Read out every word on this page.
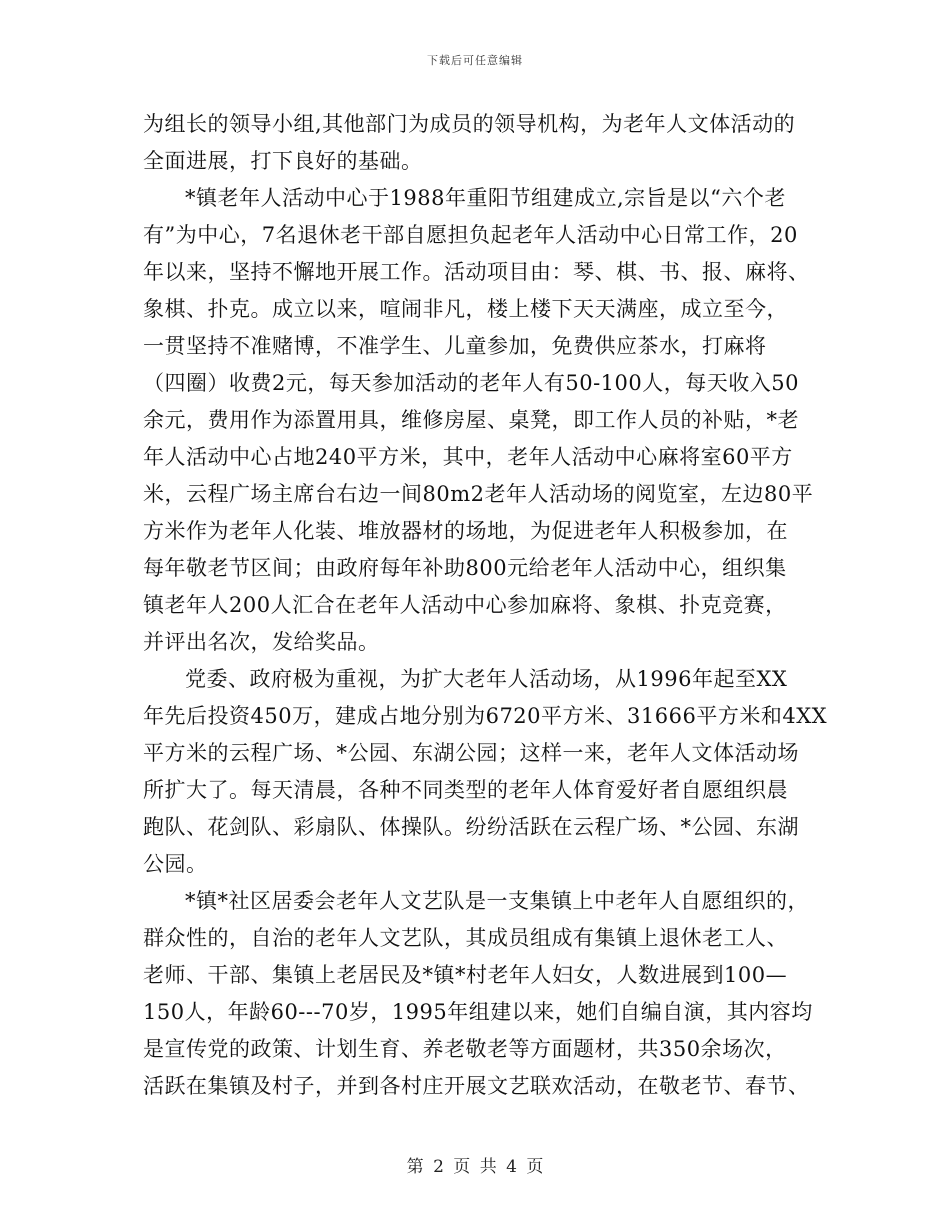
下载后可任意编辑
为组长的领导小组,其他部门为成员的领导机构，为老年人文体活动的
全面进展，打下良好的基础。
*镇老年人活动中心于1988年重阳节组建成立,宗旨是以“六个老
有”为中心，7名退休老干部自愿担负起老年人活动中心日常工作，20
年以来，坚持不懈地开展工作。活动项目由：琴、棋、书、报、麻将、
象棋、扑克。成立以来，喧闹非凡，楼上楼下天天满座，成立至今，
一贯坚持不准赌博，不准学生、儿童参加，免费供应茶水，打麻将
（四圈）收费2元，每天参加活动的老年人有50-100人，每天收入50
余元，费用作为添置用具，维修房屋、桌凳，即工作人员的补贴，*老
年人活动中心占地240平方米，其中，老年人活动中心麻将室60平方
米，云程广场主席台右边一间80m2老年人活动场的阅览室，左边80平
方米作为老年人化装、堆放器材的场地，为促进老年人积极参加，在
每年敬老节区间；由政府每年补助800元给老年人活动中心，组织集
镇老年人200人汇合在老年人活动中心参加麻将、象棋、扑克竞赛，
并评出名次，发给奖品。
党委、政府极为重视，为扩大老年人活动场，从1996年起至XX
年先后投资450万，建成占地分别为6720平方米、31666平方米和4XX
平方米的云程广场、*公园、东湖公园；这样一来，老年人文体活动场
所扩大了。每天清晨，各种不同类型的老年人体育爱好者自愿组织晨
跑队、花剑队、彩扇队、体操队。纷纷活跃在云程广场、*公园、东湖
公园。
*镇*社区居委会老年人文艺队是一支集镇上中老年人自愿组织的，
群众性的，自治的老年人文艺队，其成员组成有集镇上退休老工人、
老师、干部、集镇上老居民及*镇*村老年人妇女，人数进展到100—
150人，年龄60---70岁，1995年组建以来，她们自编自演，其内容均
是宣传党的政策、计划生育、养老敬老等方面题材，共350余场次，
活跃在集镇及村子，并到各村庄开展文艺联欢活动，在敬老节、春节、
第 2 页 共 4 页
